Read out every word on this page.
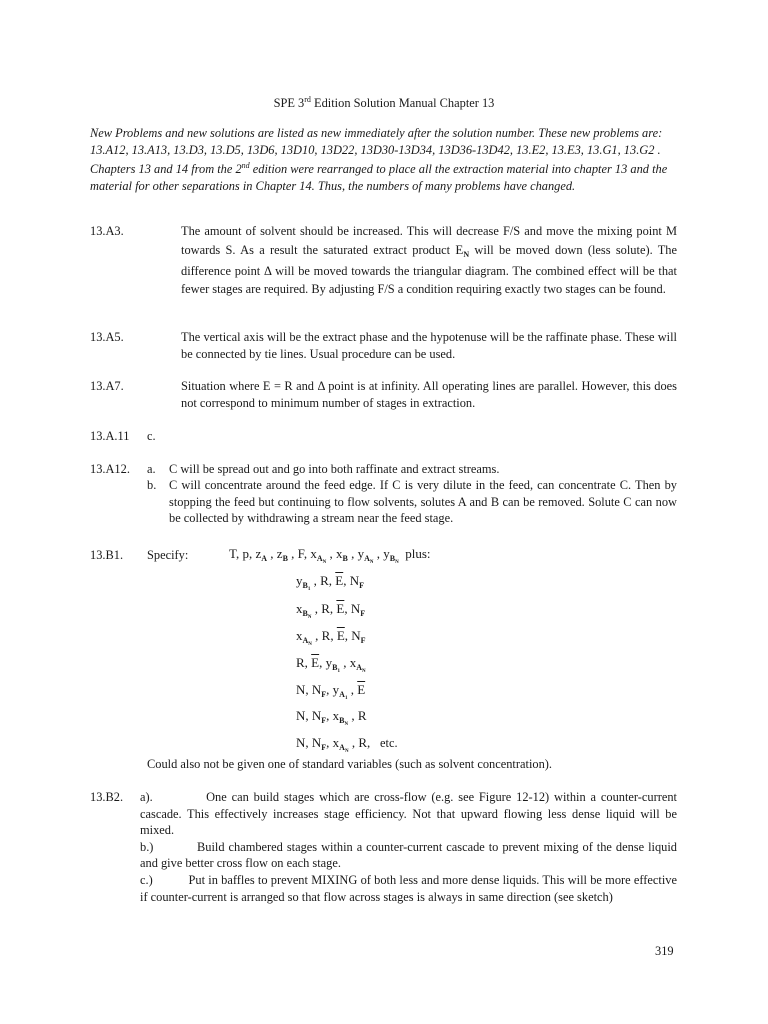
SPE 3rd Edition Solution Manual Chapter 13
New Problems and new solutions are listed as new immediately after the solution number. These new problems are: 13.A12, 13.A13, 13.D3, 13.D5, 13D6, 13D10, 13D22, 13D30-13D34, 13D36-13D42, 13.E2, 13.E3, 13.G1, 13.G2 . Chapters 13 and 14 from the 2nd edition were rearranged to place all the extraction material into chapter 13 and the material for other separations in Chapter 14. Thus, the numbers of many problems have changed.
13.A3.	The amount of solvent should be increased. This will decrease F/S and move the mixing point M towards S. As a result the saturated extract product $E_N$ will be moved down (less solute). The difference point Δ will be moved towards the triangular diagram. The combined effect will be that fewer stages are required. By adjusting F/S a condition requiring exactly two stages can be found.
13.A5.	The vertical axis will be the extract phase and the hypotenuse will be the raffinate phase. These will be connected by tie lines. Usual procedure can be used.
13.A7.	Situation where E = R and Δ point is at infinity. All operating lines are parallel. However, this does not correspond to minimum number of stages in extraction.
13.A.11 c.
13.A12. a. C will be spread out and go into both raffinate and extract streams.
b. C will concentrate around the feed edge. If C is very dilute in the feed, can concentrate C. Then by stopping the feed but continuing to flow solvents, solutes A and B can be removed. Solute C can now be collected by withdrawing a stream near the feed stage.
13.B1. Specify:	T, p, $z_A$ , $z_B$ , F, $x_{A_N}$ , $x_B$ , $y_{A_N}$ , $y_{B_N}$  plus:
$y_{B_1}$ , R, $\overline{E}$, $N_F$
$x_{B_N}$ , R, $\overline{E}$, $N_F$
$x_{A_N}$ , R, $\overline{E}$, $N_F$
R, $\overline{E}$, $y_{B_1}$ , $x_{A_N}$
N, $N_F$, $y_{A_1}$ , $\overline{E}$
N, $N_F$, $x_{B_N}$ , R
N, $N_F$, $x_{A_N}$ , R,   etc.
Could also not be given one of standard variables (such as solvent concentration).
13.B2. a).	One can build stages which are cross-flow (e.g. see Figure 12-12) within a counter-current cascade. This effectively increases stage efficiency. Not that upward flowing less dense liquid will be mixed.

b.)	Build chambered stages within a counter-current cascade to prevent mixing of the dense liquid and give better cross flow on each stage.

c.)	Put in baffles to prevent MIXING of both less and more dense liquids. This will be more effective if counter-current is arranged so that flow across stages is always in same direction (see sketch)

319
